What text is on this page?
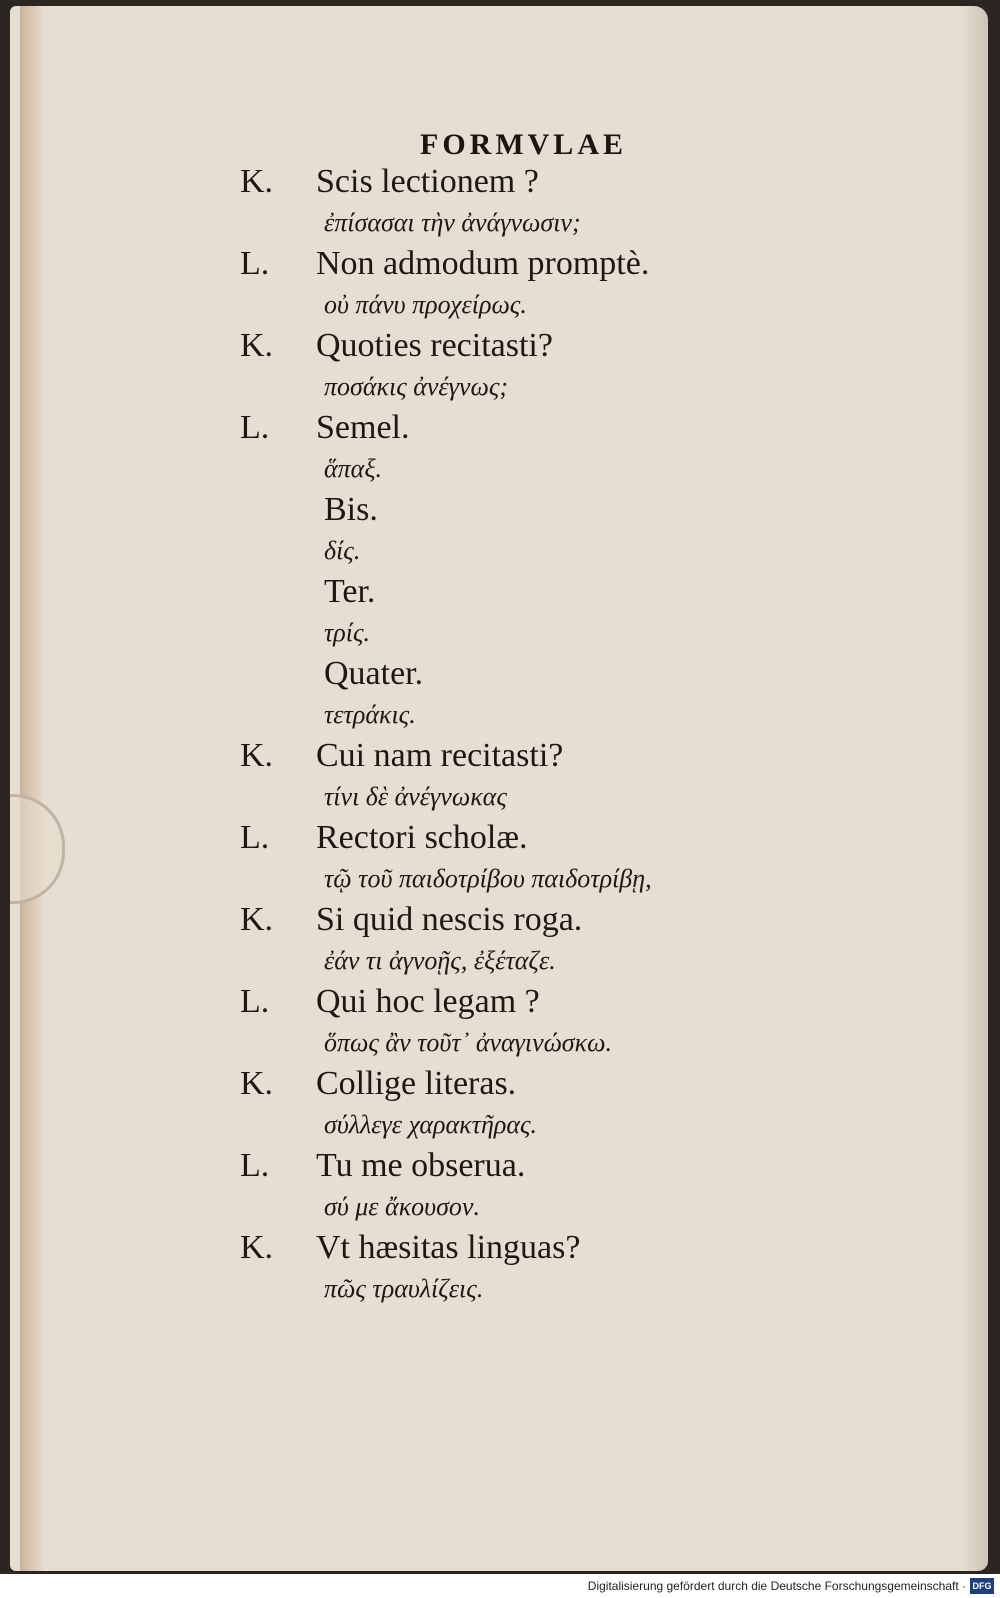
FORMVLAE
K. Scis lectionem ?
ἐπίσασαι τὴν ἀνάγνωσιν;
L. Non admodum promptè.
οὐ πάνυ προχείρως.
K. Quoties recitasti?
ποσάκις ἀνέγνως;
L. Semel.
ἅπαξ.
Bis.
δίς.
Ter.
τρίς.
Quater.
τετράκις.
K. Cui nam recitasti?
τίνι δὲ ἀνέγνωκας
L. Rectori scholæ.
τῷ τοῦ παιδοτρίβου παιδοτρίβῃ,
K. Si quid nescis roga.
ἐάν τι ἀγνοῇς, ἐξέταζε.
L. Qui hoc legam ?
ὅπως ἂν τοῦτ᾽ ἀναγινώσκω.
K. Collige literas.
σύλλεγε χαρακτῆρας.
L. Tu me obserua.
σύ με ἄκουσον.
K. Vt hæsitas linguas?
πῶς τραυλίζεις.
Digitalisierung gefördert durch die Deutsche Forschungsgemeinschaft · DFG
